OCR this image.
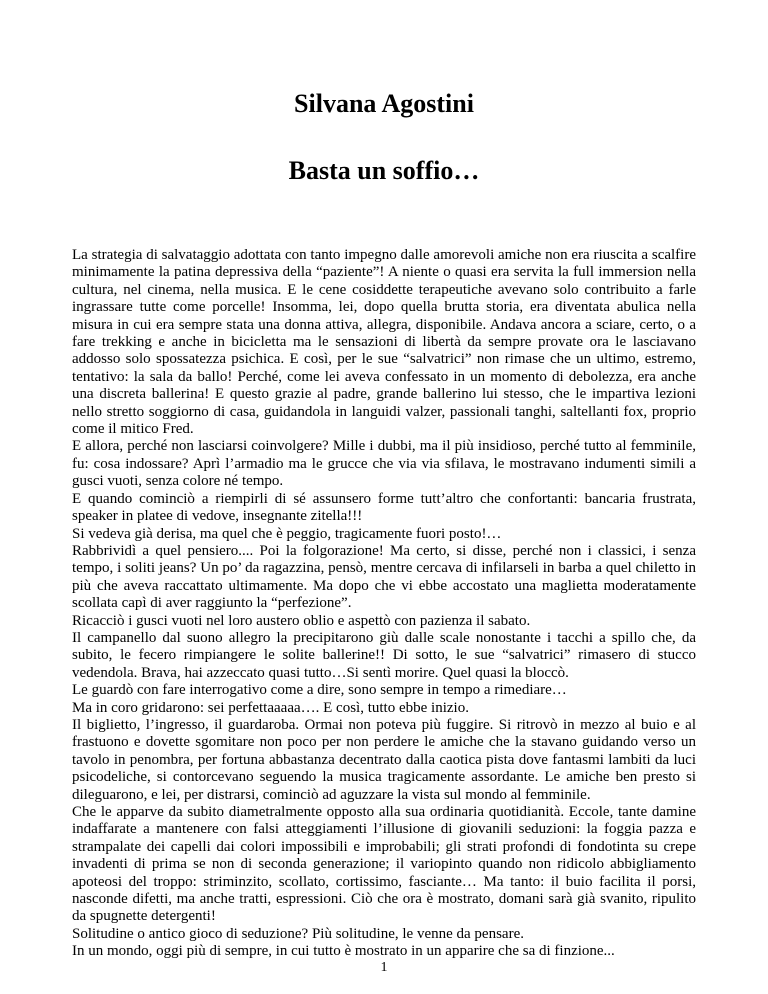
Silvana Agostini
Basta un soffio…

La strategia di salvataggio adottata con tanto impegno dalle amorevoli amiche non era riuscita a scalfire minimamente la patina depressiva della “paziente”! A niente o quasi era servita la full immersion nella cultura, nel cinema, nella musica. E le cene cosiddette terapeutiche avevano solo contribuito a farle ingrassare tutte come porcelle! Insomma, lei, dopo quella brutta storia, era diventata abulica nella misura in cui era sempre stata una donna attiva, allegra, disponibile. Andava ancora a sciare, certo, o a fare trekking e anche in bicicletta ma le sensazioni di libertà da sempre provate ora le lasciavano addosso solo spossatezza psichica. E così, per le sue “salvatrici” non rimase che un ultimo, estremo, tentativo: la sala da ballo! Perché, come lei aveva confessato in un momento di debolezza, era anche una discreta ballerina! E questo grazie al padre, grande ballerino lui stesso, che le impartiva lezioni nello stretto soggiorno di casa, guidandola in languidi valzer, passionali tanghi, saltellanti fox, proprio come il mitico Fred.

E allora, perché non lasciarsi coinvolgere? Mille i dubbi, ma il più insidioso, perché tutto al femminile, fu: cosa indossare? Aprì l’armadio ma le grucce che via via sfilava, le mostravano indumenti simili a gusci vuoti, senza colore né tempo.

E quando cominciò a riempirli di sé assunsero forme tutt’altro che confortanti: bancaria frustrata, speaker in platee di vedove, insegnante zitella!!!

Si vedeva già derisa, ma quel che è peggio, tragicamente fuori posto!…

Rabbrividì a quel pensiero.... Poi la folgorazione! Ma certo, si disse, perché non i classici, i senza tempo, i soliti jeans? Un po’ da ragazzina, pensò, mentre cercava di infilarseli in barba a quel chiletto in più che aveva raccattato ultimamente. Ma dopo che vi ebbe accostato una maglietta moderatamente scollata capì di aver raggiunto la “perfezione”.

Ricacciò i gusci vuoti nel loro austero oblio e aspettò con pazienza il sabato.

Il campanello dal suono allegro la precipitarono giù dalle scale nonostante i tacchi a spillo che, da subito, le fecero rimpiangere le solite ballerine!! Di sotto, le sue “salvatrici” rimasero di stucco vedendola. Brava, hai azzeccato quasi tutto…Si sentì morire. Quel quasi la bloccò.

Le guardò con fare interrogativo come a dire, sono sempre in tempo a rimediare…

Ma in coro gridarono: sei perfettaaaaa…. E così, tutto ebbe inizio.

Il biglietto, l’ingresso, il guardaroba. Ormai non poteva più fuggire. Si ritrovò in mezzo al buio e al frastuono e dovette sgomitare non poco per non perdere le amiche che la stavano guidando verso un tavolo in penombra, per fortuna abbastanza decentrato dalla caotica pista dove fantasmi lambiti da luci psicodeliche, si contorcevano seguendo la musica tragicamente assordante. Le amiche ben presto si dileguarono, e lei, per distrarsi, cominciò ad aguzzare la vista sul mondo al femminile.

Che le apparve da subito diametralmente opposto alla sua ordinaria quotidianità. Eccole, tante damine indaffarate a mantenere con falsi atteggiamenti l’illusione di giovanili seduzioni: la foggia pazza e strampalate dei capelli dai colori impossibili e improbabili; gli strati profondi di fondotinta su crepe invadenti di prima se non di seconda generazione; il variopinto quando non ridicolo abbigliamento apoteosi del troppo: striminzito, scollato, cortissimo, fasciante… Ma tanto: il buio facilita il porsi, nasconde difetti, ma anche tratti, espressioni. Ciò che ora è mostrato, domani sarà già svanito, ripulito da spugnette detergenti!

Solitudine o antico gioco di seduzione? Più solitudine, le venne da pensare.

In un mondo, oggi più di sempre, in cui tutto è mostrato in un apparire che sa di finzione...

1
